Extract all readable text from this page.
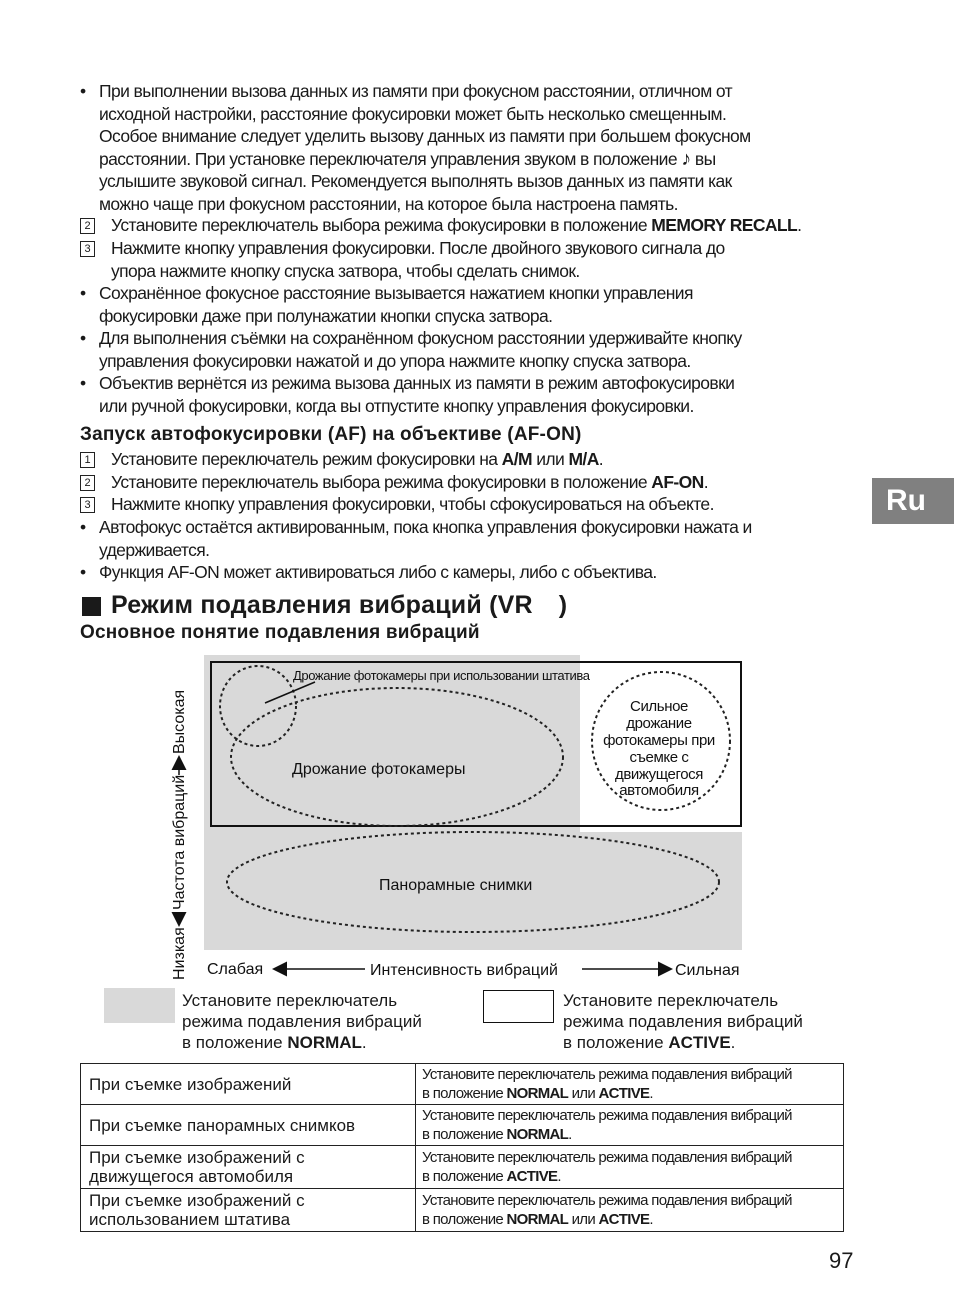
Ru
• При выполнении вызова данных из памяти при фокусном расстоянии, отличном от
исходной настройки, расстояние фокусировки может быть несколько смещенным.
Особое внимание следует уделить вызову данных из памяти при большем фокусном
расстоянии. При установке переключателя управления звуком в положение ♪ вы
услышите звуковой сигнал. Рекомендуется выполнять вызов данных из памяти как
можно чаще при фокусном расстоянии, на которое была настроена память.
2 Установите переключатель выбора режима фокусировки в положение MEMORY RECALL.
3 Нажмите кнопку управления фокусировки. После двойного звукового сигнала до
упора нажмите кнопку спуска затвора, чтобы сделать снимок.
• Сохранённое фокусное расстояние вызывается нажатием кнопки управления
фокусировки даже при полунажатии кнопки спуска затвора.
• Для выполнения съёмки на сохранённом фокусном расстоянии удерживайте кнопку
управления фокусировки нажатой и до упора нажмите кнопку спуска затвора.
• Объектив вернётся из режима вызова данных из памяти в режим автофокусировки
или ручной фокусировки, когда вы отпустите кнопку управления фокусировки.
Запуск автофокусировки (AF) на объективе (AF-ON)
1 Установите переключатель режим фокусировки на A/M или M/A.
2 Установите переключатель выбора режима фокусировки в положение AF-ON.
3 Нажмите кнопку управления фокусировки, чтобы сфокусироваться на объекте.
• Автофокус остаётся активированным, пока кнопка управления фокусировки нажата и
удерживается.
• Функция AF-ON может активироваться либо с камеры, либо с объектива.
Режим подавления вибраций (VR )
Основное понятие подавления вибраций
Дрожание фотокамеры при использовании штатива
Дрожание фотокамеры
Сильное
дрожание
фотокамеры при
съемке с
движущегося
автомобиля
Панорамные снимки
Слабая	Интенсивность вибраций	Сильная
Низкая
Частота вибраций
Высокая
Установите переключатель
режима подавления вибраций
в положение NORMAL.
Установите переключатель
режима подавления вибраций
в положение ACTIVE.
При съемке изображений	Установите переключатель режима подавления вибраций
в положение NORMAL или ACTIVE.

При съемке панорамных снимков	Установите переключатель режима подавления вибраций
в положение NORMAL.

При съемке изображений с движущегося автомобиля	Установите переключатель режима подавления вибраций
в положение ACTIVE.

При съемке изображений с использованием штатива	Установите переключатель режима подавления вибраций
в положение NORMAL или ACTIVE.
97
